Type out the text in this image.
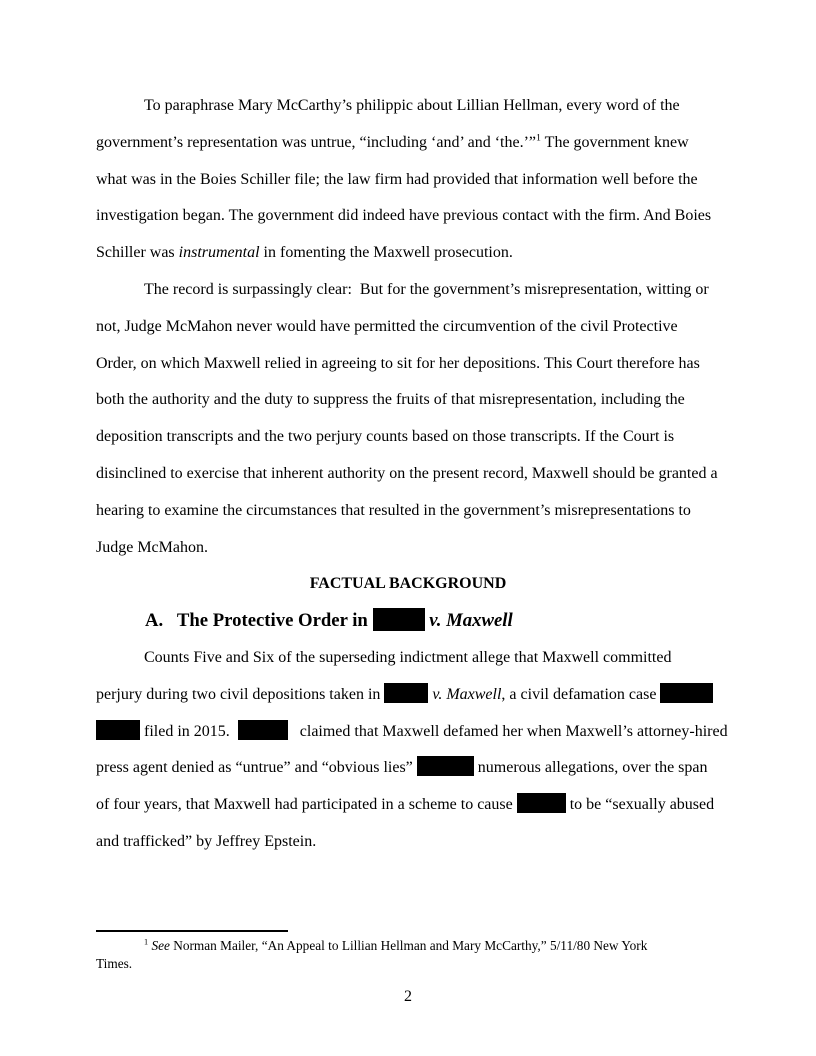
To paraphrase Mary McCarthy’s philippic about Lillian Hellman, every word of the
government’s representation was untrue, “including ‘and’ and ‘the.’”$^1$ The government knew
what was in the Boies Schiller file; the law firm had provided that information well before the
investigation began. The government did indeed have previous contact with the firm. And Boies
Schiller was instrumental in fomenting the Maxwell prosecution.

The record is surpassingly clear:  But for the government’s misrepresentation, witting or
not, Judge McMahon never would have permitted the circumvention of the civil Protective
Order, on which Maxwell relied in agreeing to sit for her depositions. This Court therefore has
both the authority and the duty to suppress the fruits of that misrepresentation, including the
deposition transcripts and the two perjury counts based on those transcripts. If the Court is
disinclined to exercise that inherent authority on the present record, Maxwell should be granted a
hearing to examine the circumstances that resulted in the government’s misrepresentations to
Judge McMahon.

FACTUAL BACKGROUND
A.   The Protective Order in	v. Maxwell

Counts Five and Six of the superseding indictment allege that Maxwell committed
perjury during two civil depositions taken in	v. Maxwell, a civil defamation case
filed in 2015.	claimed that Maxwell defamed her when Maxwell’s attorney-hired
press agent denied as “untrue” and “obvious lies”	numerous allegations, over the span
of four years, that Maxwell had participated in a scheme to cause	to be “sexually abused
and trafficked” by Jeffrey Epstein.

$^1$ See Norman Mailer, “An Appeal to Lillian Hellman and Mary McCarthy,” 5/11/80 New York
Times.

2
